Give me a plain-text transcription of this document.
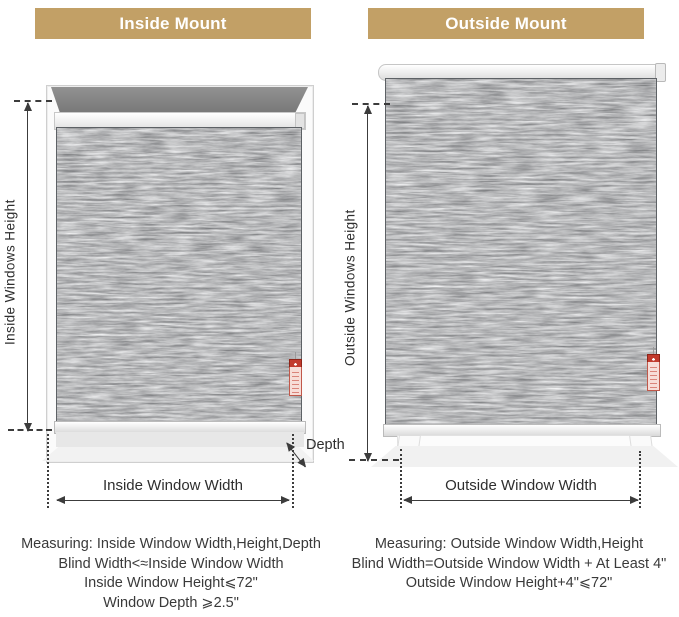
Inside Mount	Outside Mount
Inside Windows Height
Inside Window Width
Depth
Outside Windows Height
Outside Window Width
Measuring: Inside Window Width,Height,Depth
Blind Width<≈Inside Window Width
Inside Window Height⩽72"
Window Depth ⩾2.5"
Measuring: Outside Window Width,Height
Blind Width=Outside Window Width + At Least 4"
Outside Window Height+4"⩽72"
